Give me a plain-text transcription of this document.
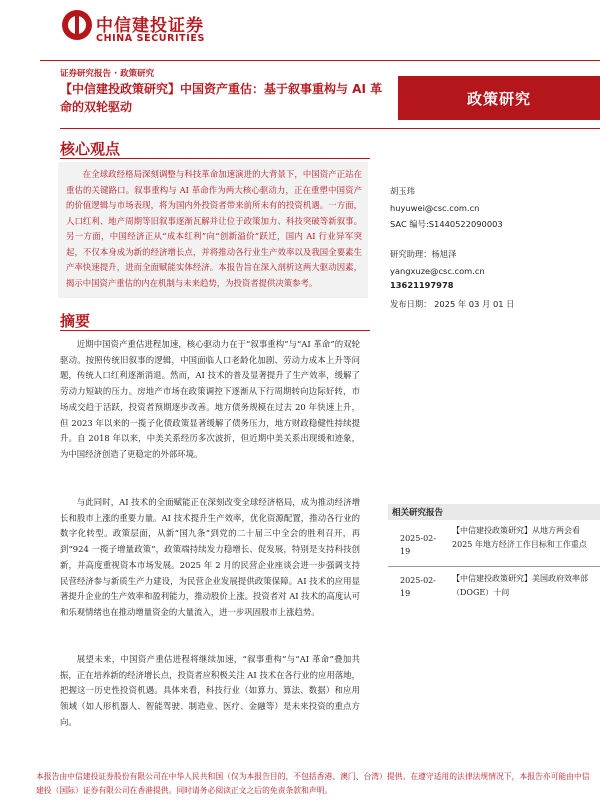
中信建投证券
CHINA SECURITIES
证券研究报告 · 政策研究
【中信建投政策研究】中国资产重估：基于叙事重构与 AI 革命的双轮驱动	政策研究
核心观点
在全球政经格局深刻调整与科技革命加速演进的大背景下，中国资产正站在重估的关键路口。叙事重构与 AI 革命作为两大核心驱动力，正在重塑中国资产的价值逻辑与市场表现，将为国内外投资者带来前所未有的投资机遇。一方面，人口红利、地产周期等旧叙事逐渐瓦解并让位于政策加力、科技突破等新叙事。另一方面，中国经济正从“成本红利”向“创新溢价”跃迁，国内 AI 行业异军突起，不仅本身成为新的经济增长点，并将推动各行业生产效率以及我国全要素生产率快速提升，进而全面赋能实体经济。本报告旨在深入剖析这两大驱动因素，揭示中国资产重估的内在机制与未来趋势，为投资者提供决策参考。
摘要
近期中国资产重估进程加速，核心驱动力在于“叙事重构”与“AI 革命”的双轮驱动。按照传统旧叙事的逻辑，中国面临人口老龄化加剧、劳动力成本上升等问题，传统人口红利逐渐消退。然而，AI 技术的普及显著提升了生产效率，缓解了劳动力短缺的压力。房地产市场在政策调控下逐渐从下行周期转向边际好转，市场成交趋于活跃，投资者预期逐步改善。地方债务规模在过去 20 年快速上升，但 2023 年以来的一揽子化债政策显著缓解了债务压力，地方财政稳健性持续提升。自 2018 年以来，中美关系经历多次波折，但近期中美关系出现缓和迹象，为中国经济创造了更稳定的外部环境。
与此同时，AI 技术的全面赋能正在深刻改变全球经济格局，成为推动经济增长和股市上涨的重要力量。AI 技术提升生产效率，优化资源配置，推动各行业的数字化转型。政策层面，从新“国九条”到党的二十届三中全会的胜利召开，再到“924 一揽子增量政策”，政策端持续发力稳增长、促发展，特别是支持科技创新，并高度重视资本市场发展。2025 年 2 月的民营企业座谈会进一步强调支持民营经济参与新质生产力建设，为民营企业发展提供政策保障。AI 技术的应用显著提升企业的生产效率和盈利能力，推动股价上涨。投资者对 AI 技术的高度认可和乐观情绪也在推动增量资金的大量流入，进一步巩固股市上涨趋势。
展望未来，中国资产重估进程将继续加速，“叙事重构”与“AI 革命”叠加共振，正在培养新的经济增长点，投资者应积极关注 AI 技术在各行业的应用落地，把握这一历史性投资机遇。具体来看，科技行业（如算力、算法、数据）和应用领域（如人形机器人、智能驾驶、制造业、医疗、金融等）是未来投资的重点方向。
胡玉玮
huyuwei@csc.com.cn
SAC 编号:S1440522090003
研究助理：杨旭泽
yangxuze@csc.com.cn
13621197978
发布日期： 2025 年 03 月 01 日
相关研究报告
2025-02-19
【中信建投政策研究】从地方两会看 2025 年地方经济工作目标和工作重点
2025-02-19
【中信建投政策研究】美国政府效率部（DOGE）十问
本报告由中信建投证券股份有限公司在中华人民共和国（仅为本报告目的，不包括香港、澳门、台湾）提供。在遵守适用的法律法规情况下，本报告亦可能由中信建投（国际）证券有限公司在香港提供。同时请务必阅读正文之后的免责条款和声明。
